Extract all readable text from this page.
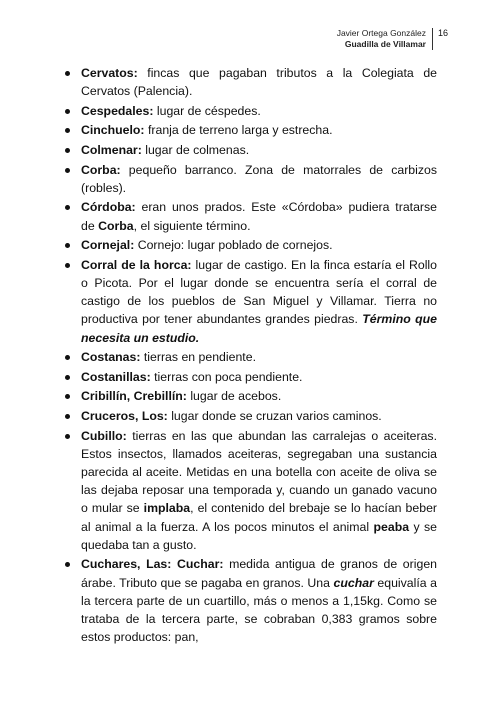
Javier Ortega González
Guadilla de Villamar
16
Cervatos: fincas que pagaban tributos a la Colegiata de Cervatos (Palencia).
Cespedales: lugar de céspedes.
Cinchuelo: franja de terreno larga y estrecha.
Colmenar: lugar de colmenas.
Corba: pequeño barranco. Zona de matorrales de carbizos (robles).
Córdoba: eran unos prados. Este «Córdoba» pudiera tratarse de Corba, el siguiente término.
Cornejal: Cornejo: lugar poblado de cornejos.
Corral de la horca: lugar de castigo. En la finca estaría el Rollo o Picota. Por el lugar donde se encuentra sería el corral de castigo de los pueblos de San Miguel y Villamar. Tierra no productiva por tener abundantes grandes piedras. Término que necesita un estudio.
Costanas: tierras en pendiente.
Costanillas: tierras con poca pendiente.
Cribillín, Crebillín: lugar de acebos.
Cruceros, Los: lugar donde se cruzan varios caminos.
Cubillo: tierras en las que abundan las carralejas o aceiteras. Estos insectos, llamados aceiteras, segregaban una sustancia parecida al aceite. Metidas en una botella con aceite de oliva se las dejaba reposar una temporada y, cuando un ganado vacuno o mular se implaba, el contenido del brebaje se lo hacían beber al animal a la fuerza. A los pocos minutos el animal peaba y se quedaba tan a gusto.
Cuchares, Las: Cuchar: medida antigua de granos de origen árabe. Tributo que se pagaba en granos. Una cuchar equivalía a la tercera parte de un cuartillo, más o menos a 1,15kg. Como se trataba de la tercera parte, se cobraban 0,383 gramos sobre estos productos: pan,
